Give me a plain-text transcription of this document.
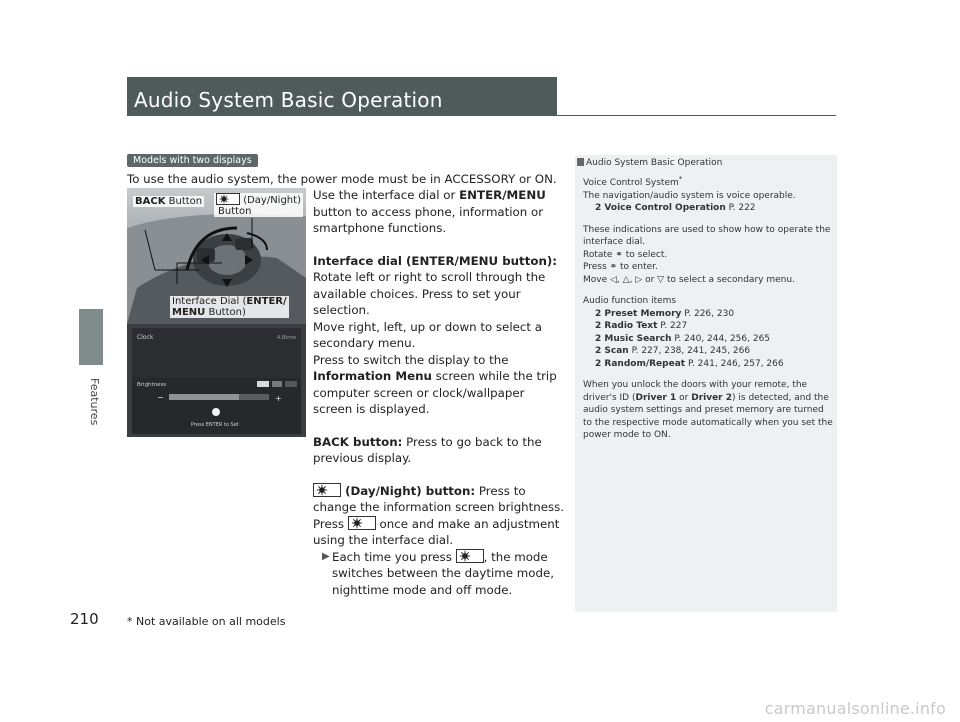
Features
210
Audio System Basic Operation
Models with two displays
To use the audio system, the power mode must be in ACCESSORY or ON.
BACK Button	(Day/Night)
Button
Interface Dial (ENTER/
MENU Button)
Clock	A.Bkme
Brightness
−	+
Press ENTER to Set

Use the interface dial or ENTER/MENU button to access phone, information or smartphone functions.

Interface dial (ENTER/MENU button):

Rotate left or right to scroll through the available choices. Press to set your selection.

Move right, left, up or down to select a secondary menu.

Press to switch the display to the Information Menu screen while the trip computer screen or clock/wallpaper screen is displayed.

BACK button: Press to go back to the previous display.

(Day/Night) button: Press to change the information screen brightness.

Press
once and make an adjustment using the interface dial.

▶ Each time you press
, the mode switches between the daytime mode, nighttime mode and off mode.
Audio System Basic Operation

Voice Control System*

The navigation/audio system is voice operable.

2 Voice Control Operation P. 222

These indications are used to show how to operate the interface dial.

Rotate ⚭ to select.

Press ⚭ to enter.

Move ◁, △, ▷ or ▽ to select a secondary menu.

Audio function items

2 Preset Memory P. 226, 230

2 Radio Text P. 227

2 Music Search P. 240, 244, 256, 265

2 Scan P. 227, 238, 241, 245, 266

2 Random/Repeat P. 241, 246, 257, 266

When you unlock the doors with your remote, the driver's ID (Driver 1 or Driver 2) is detected, and the audio system settings and preset memory are turned to the respective mode automatically when you set the power mode to ON.

* Not available on all models
carmanualsonline.info
